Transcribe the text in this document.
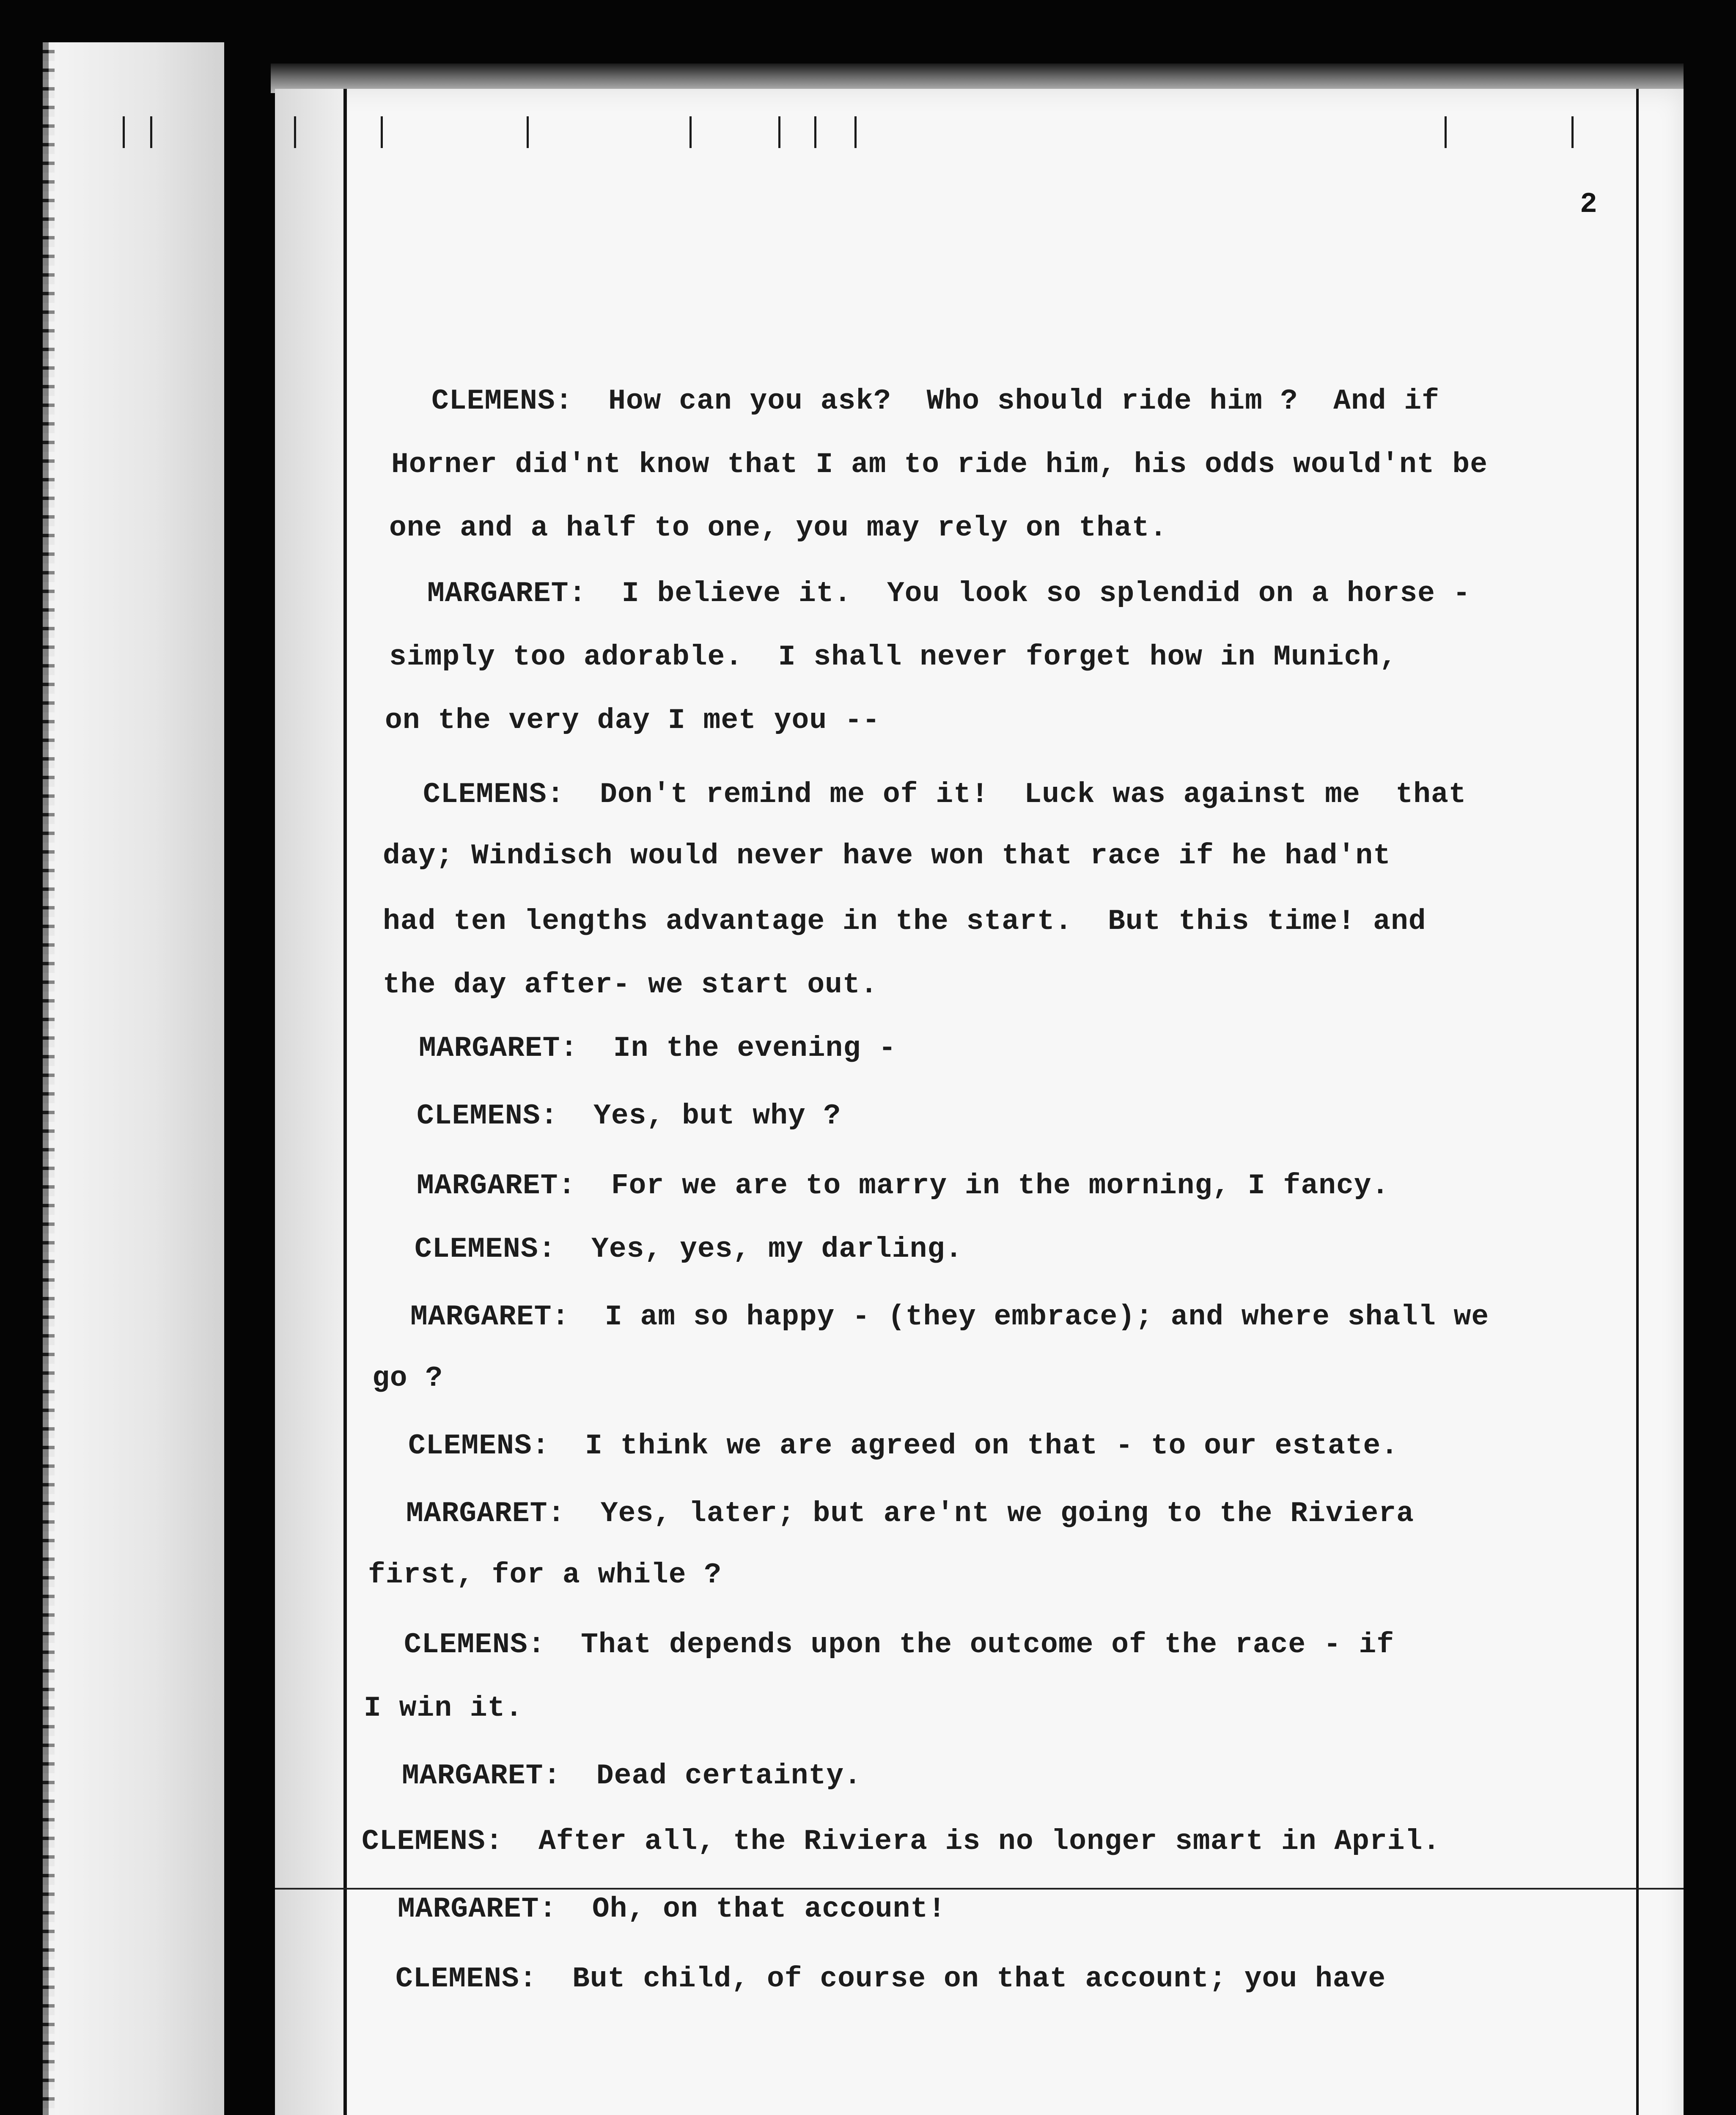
2
CLEMENS:  How can you ask?  Who should ride him ?  And if
Horner did'nt know that I am to ride him, his odds would'nt be
one and a half to one, you may rely on that.
MARGARET:  I believe it.  You look so splendid on a horse -
simply too adorable.  I shall never forget how in Munich,
on the very day I met you --
CLEMENS:  Don't remind me of it!  Luck was against me  that
day; Windisch would never have won that race if he had'nt
had ten lengths advantage in the start.  But this time! and
the day after- we start out.
MARGARET:  In the evening -
CLEMENS:  Yes, but why ?
MARGARET:  For we are to marry in the morning, I fancy.
CLEMENS:  Yes, yes, my darling.
MARGARET:  I am so happy - (they embrace); and where shall we
go ?
CLEMENS:  I think we are agreed on that - to our estate.
MARGARET:  Yes, later; but are'nt we going to the Riviera
first, for a while ?
CLEMENS:  That depends upon the outcome of the race - if
I win it.
MARGARET:  Dead certainty.
CLEMENS:  After all, the Riviera is no longer smart in April.
MARGARET:  Oh, on that account!
CLEMENS:  But child, of course on that account; you have
